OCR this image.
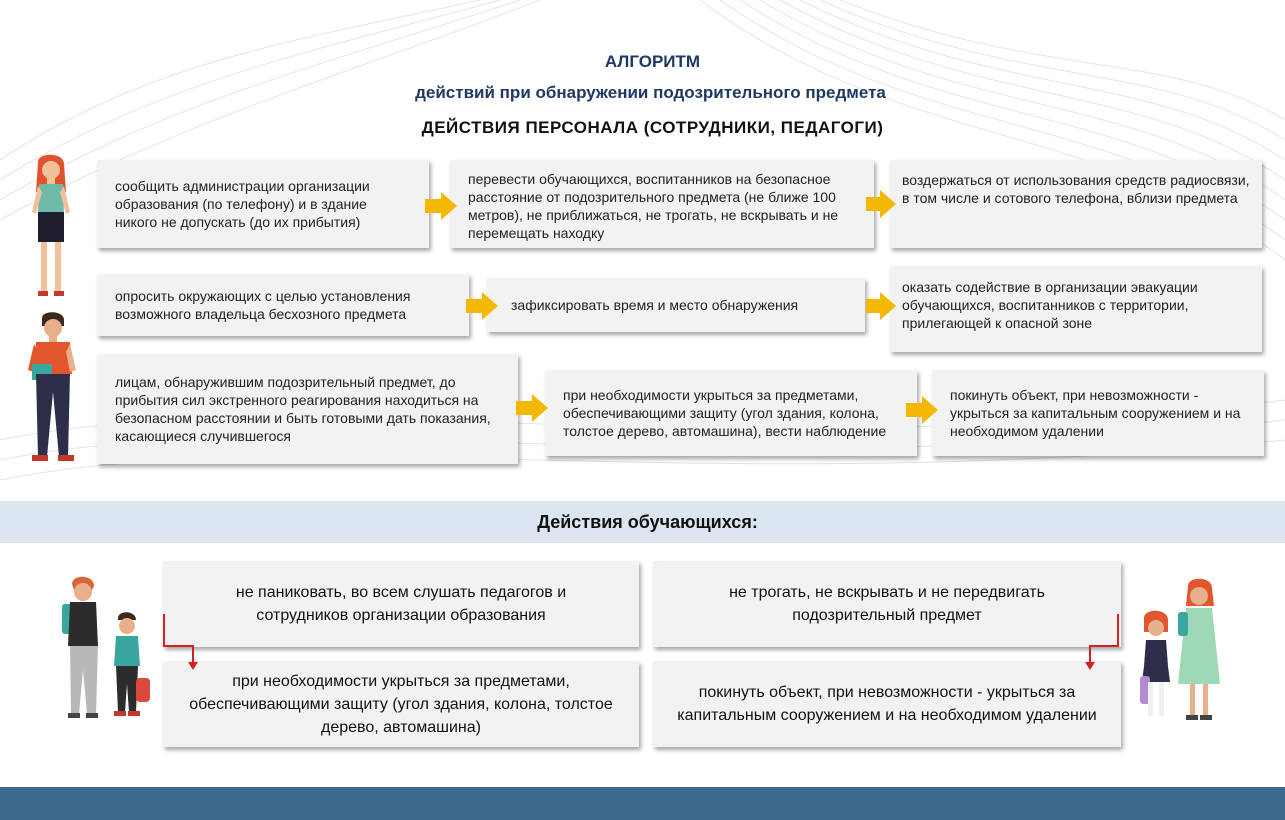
АЛГОРИТМ
действий при обнаружении подозрительного предмета
ДЕЙСТВИЯ ПЕРСОНАЛА (СОТРУДНИКИ, ПЕДАГОГИ)
сообщить администрации организации образования (по телефону) и в здание никого не допускать (до их прибытия)
перевести обучающихся, воспитанников на безопасное расстояние от подозрительного предмета (не ближе 100 метров), не приближаться, не трогать, не вскрывать и не перемещать находку
воздержаться от использования средств радиосвязи, в том числе и сотового телефона, вблизи предмета
опросить окружающих с целью установления возможного владельца бесхозного предмета
зафиксировать время и место обнаружения
оказать содействие в организации эвакуации обучающихся, воспитанников с территории, прилегающей к опасной зоне
лицам, обнаружившим подозрительный предмет, до прибытия сил экстренного реагирования находиться на безопасном расстоянии и быть готовыми дать показания, касающиеся случившегося
при необходимости укрыться за предметами, обеспечивающими защиту (угол здания, колона, толстое дерево, автомашина), вести наблюдение
покинуть объект, при невозможности - укрыться за капитальным сооружением и на необходимом удалении
Действия обучающихся:
не паниковать, во всем слушать педагогов и сотрудников организации образования
не трогать, не вскрывать и не передвигать подозрительный предмет
при необходимости укрыться за предметами, обеспечивающими защиту (угол здания, колона, толстое дерево, автомашина)
покинуть объект, при невозможности - укрыться за капитальным сооружением и на необходимом удалении
